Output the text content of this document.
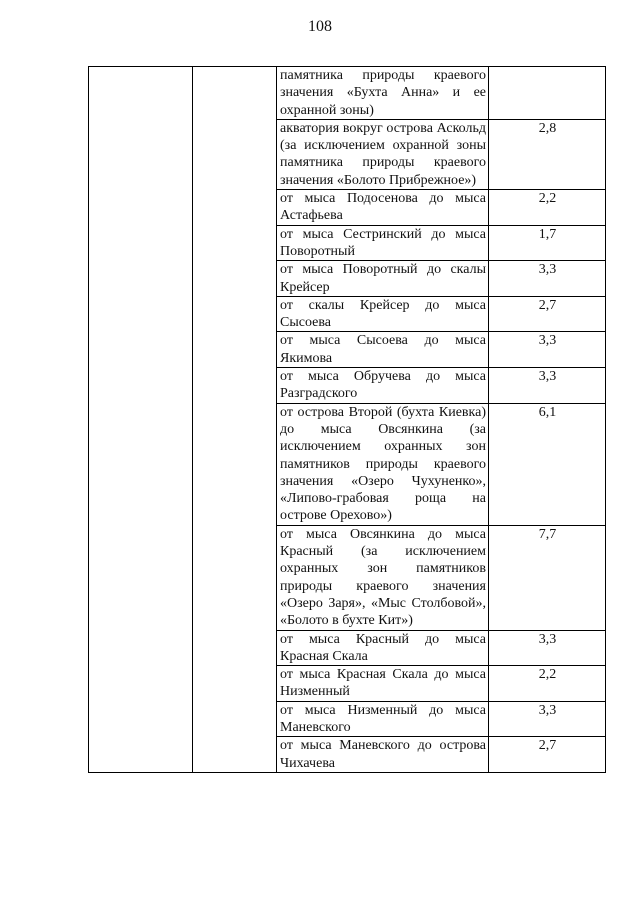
108
		памятника природы краевого значения «Бухта Анна» и ее охранной зоны)	
		акватория вокруг острова Аскольд (за исключением охранной зоны памятника природы краевого значения «Болото Прибрежное»)	2,8
		от мыса Подосенова до мыса Астафьева	2,2
		от мыса Сестринский до мыса Поворотный	1,7
		от мыса Поворотный до скалы Крейсер	3,3
		от скалы Крейсер до мыса Сысоева	2,7
		от мыса Сысоева до мыса Якимова	3,3
		от мыса Обручева до мыса Разградского	3,3
		от острова Второй (бухта Киевка) до мыса Овсянкина (за исключением охранных зон памятников природы краевого значения «Озеро Чухуненко», «Липово-грабовая роща на острове Орехово»)	6,1
		от мыса Овсянкина до мыса Красный (за исключением охранных зон памятников природы краевого значения «Озеро Заря», «Мыс Столбовой», «Болото в бухте Кит»)	7,7
		от мыса Красный до мыса Красная Скала	3,3
		от мыса Красная Скала до мыса Низменный	2,2
		от мыса Низменный до мыса Маневского	3,3
		от мыса Маневского до острова Чихачева	2,7
